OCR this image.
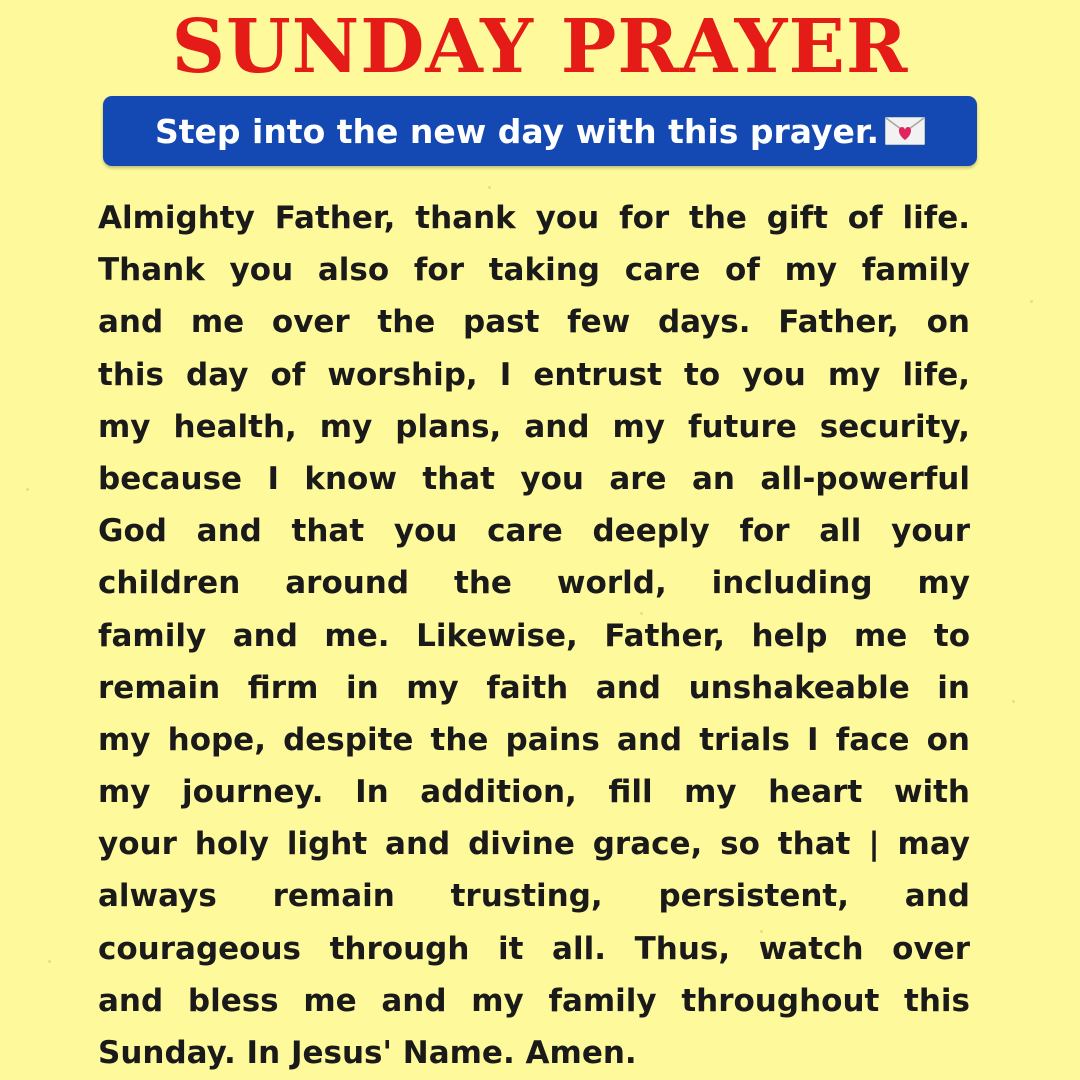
SUNDAY PRAYER
Step into the new day with this prayer.
Almighty Father, thank you for the gift of life.
Thank you also for taking care of my family
and me over the past few days. Father, on
this day of worship, I entrust to you my life,
my health, my plans, and my future security,
because I know that you are an all-powerful
God and that you care deeply for all your
children around the world, including my
family and me. Likewise, Father, help me to
remain firm in my faith and unshakeable in
my hope, despite the pains and trials I face on
my journey. In addition, fill my heart with
your holy light and divine grace, so that | may
always remain trusting, persistent, and
courageous through it all. Thus, watch over
and bless me and my family throughout this
Sunday. In Jesus' Name. Amen.
